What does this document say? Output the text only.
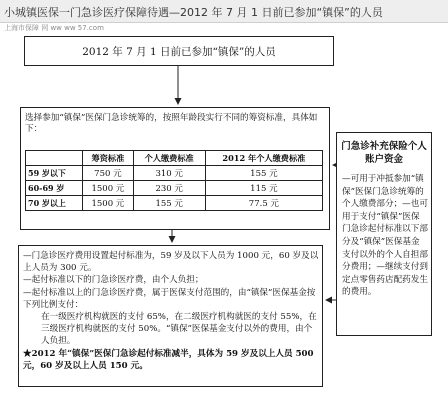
小城镇医保一门急诊医疗保障待遇—2012 年 7 月 1 日前已参加“镇保”的人员
上海市保障 网 ww ww 57.com
2012 年 7 月 1 日前已参加“镇保”的人员
选择参加“镇保”医保门急诊统筹的，按照年龄段实行不同的筹资标准，具体如下：
	筹资标准	个人缴费标准	2012 年个人缴费标准
59 岁以下	750 元	310 元	155 元
60-69 岁	1500 元	230 元	115 元
70 岁以上	1500 元	155 元	77.5 元
门急诊补充保险个人账户资金
—可用于冲抵参加“镇保”医保门急诊统筹的个人缴费部分；—也可用于支付“镇保”医保门急诊起付标准以下部分及“镇保”医保基金支付以外的个人自担部分费用；—继续支付到定点零售药店配药发生的费用。

—门急诊医疗费用设置起付标准为，59 岁及以下人员为 1000 元，60 岁及以上人员为 300 元。

—起付标准以下的门急诊医疗费，由个人负担；

—起付标准以上的门急诊医疗费，属于医保支付范围的，由“镇保”医保基金按下列比例支付：

在一级医疗机构就医的支付 65%，在二级医疗机构就医的支付 55%，在三级医疗机构就医的支付 50%。“镇保”医保基金支付以外的费用，由个人负担。

★2012 年“镇保”医保门急诊起付标准减半，具体为 59 岁及以上人员 500 元，60 岁及以上人员 150 元。
